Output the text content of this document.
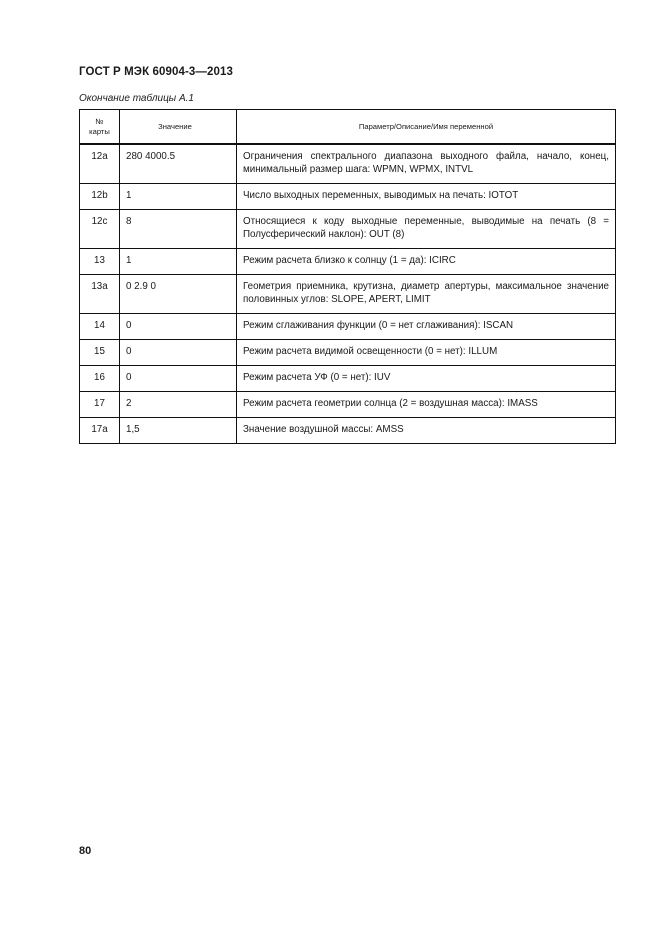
ГОСТ Р МЭК 60904-3—2013
Окончание таблицы А.1
№
карты	Значение	Параметр/Описание/Имя переменной
12a	280 4000.5	Ограничения спектрального диапазона выходного файла, начало, конец, минимальный размер шага: WPMN, WPMX, INTVL
12b	1	Число выходных переменных, выводимых на печать: IOTOT
12c	8	Относящиеся к коду выходные переменные, выводимые на печать (8 = Полусферический наклон): OUT (8)
13	1	Режим расчета близко к солнцу (1 = да): ICIRC
13a	0 2.9 0	Геометрия приемника, крутизна, диаметр апертуры, максимальное значение половинных углов: SLOPE, APERT, LIMIT
14	0	Режим сглаживания функции (0 = нет сглаживания): ISCAN
15	0	Режим расчета видимой освещенности (0 = нет): ILLUM
16	0	Режим расчета УФ (0 = нет): IUV
17	2	Режим расчета геометрии солнца (2 = воздушная масса): IMASS
17a	1,5	Значение воздушной массы: AMSS
80
